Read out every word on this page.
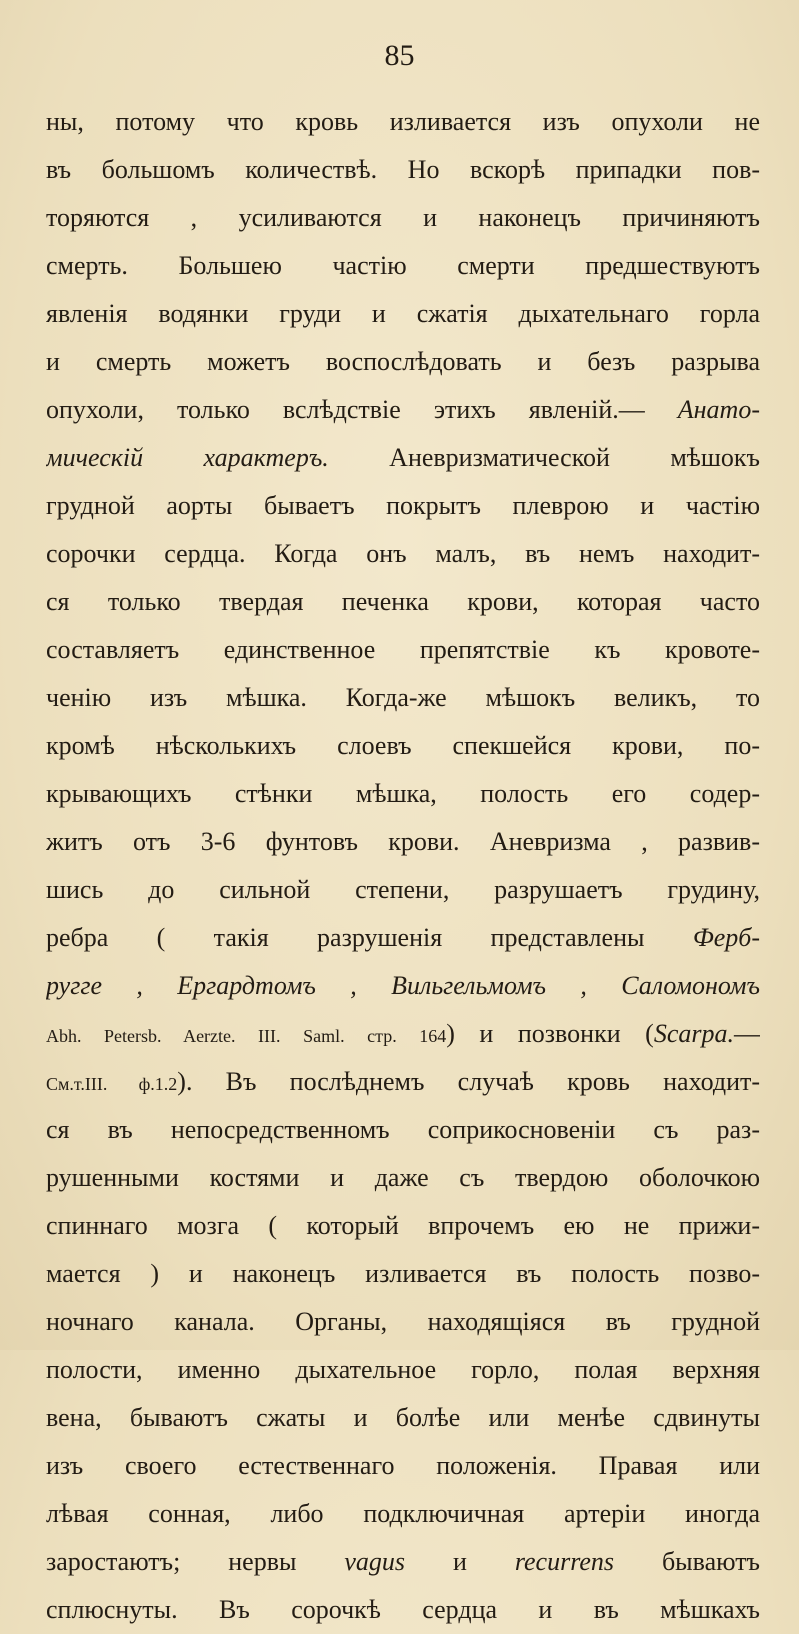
85
ны, потому что кровь изливается изъ опухоли не
въ большомъ количествѣ. Но вскорѣ припадки пов-
торяются , усиливаются и наконецъ причиняютъ
смерть. Большею частію смерти предшествуютъ
явленія водянки груди и сжатія дыхательнаго горла
и смерть можетъ воспослѣдовать и безъ разрыва
опухоли, только вслѣдствіе этихъ явленій.— Анато-
мическій характеръ. Аневризматической мѣшокъ
грудной аорты бываетъ покрытъ плеврою и частію
сорочки сердца. Когда онъ малъ, въ немъ находит-
ся только твердая печенка крови, которая часто
составляетъ единственное препятствіе къ кровоте-
ченію изъ мѣшка. Когда-же мѣшокъ великъ, то
кромѣ нѣсколькихъ слоевъ спекшейся крови, по-
крывающихъ стѣнки мѣшка, полость его содер-
житъ отъ 3-6 фунтовъ крови. Аневризма , развив-
шись до сильной степени, разрушаетъ грудину,
ребра ( такія разрушенія представлены Ферб-
ругге , Ергардтомъ , Вильгельмомъ , Саломономъ
Abh. Petersb. Aerzte. III. Saml. стр. 164) и позвонки (Scarpa.—
См.т.III. ф.1.2). Въ послѣднемъ случаѣ кровь находит-
ся въ непосредственномъ соприкосновеніи съ раз-
рушенными костями и даже съ твердою оболочкою
спиннаго мозга ( который впрочемъ ею не прижи-
мается ) и наконецъ изливается въ полость позво-
ночнаго канала. Органы, находящіяся въ грудной
полости, именно дыхательное горло, полая верхняя
вена, бываютъ сжаты и болѣе или менѣе сдвинуты
изъ своего естественнаго положенія. Правая или
лѣвая сонная, либо подключичная артеріи иногда
заростаютъ; нервы vagus и recurrens бываютъ
сплюснуты. Въ сорочкѣ сердца и въ мѣшкахъ
